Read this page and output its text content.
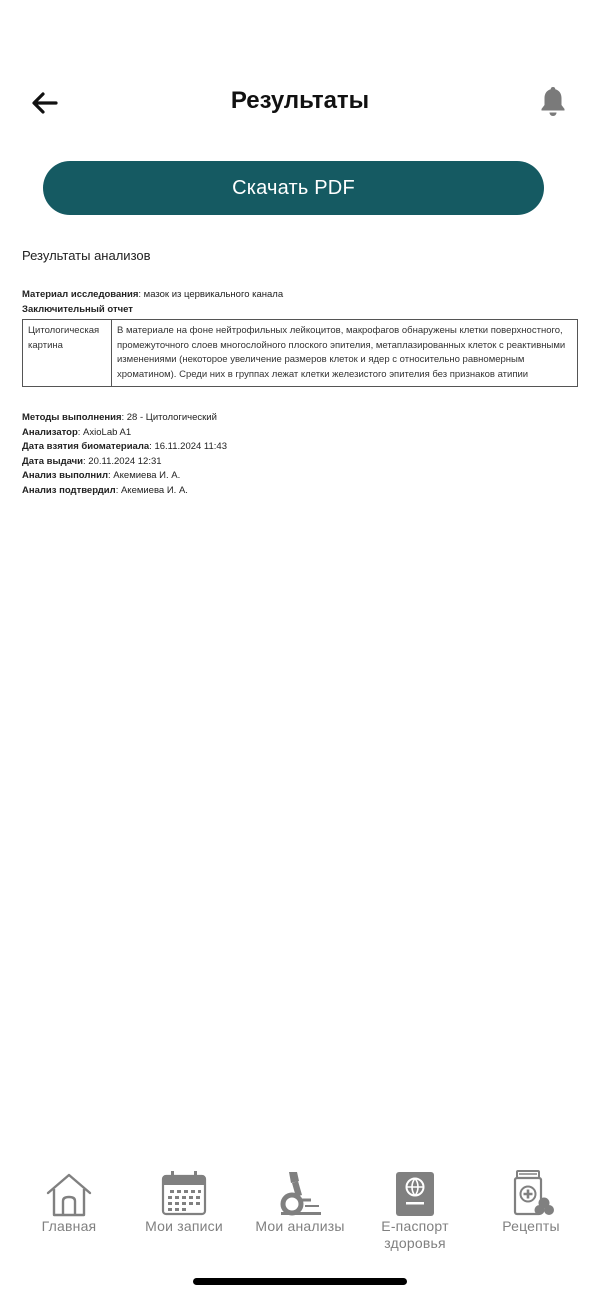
Результаты
Скачать PDF
Результаты анализов
Материал исследования: мазок из цервикального канала
Заключительный отчет
Цитологическая картина	В материале на фоне нейтрофильных лейкоцитов, макрофагов обнаружены клетки поверхностного, промежуточного слоев многослойного плоского эпителия, метаплазированных клеток с реактивными изменениями (некоторое увеличение размеров клеток и ядер с относительно равномерным хроматином). Среди них в группах лежат клетки железистого эпителия без признаков атипии
Методы выполнения: 28 - Цитологический
Анализатор: AxioLab A1
Дата взятия биоматериала: 16.11.2024 11:43
Дата выдачи: 20.11.2024 12:31
Анализ выполнил: Акемиева И. А.
Анализ подтвердил: Акемиева И. А.
Главная	Мои записи	Мои анализы	Е-паспорт здоровья
Рецепты
